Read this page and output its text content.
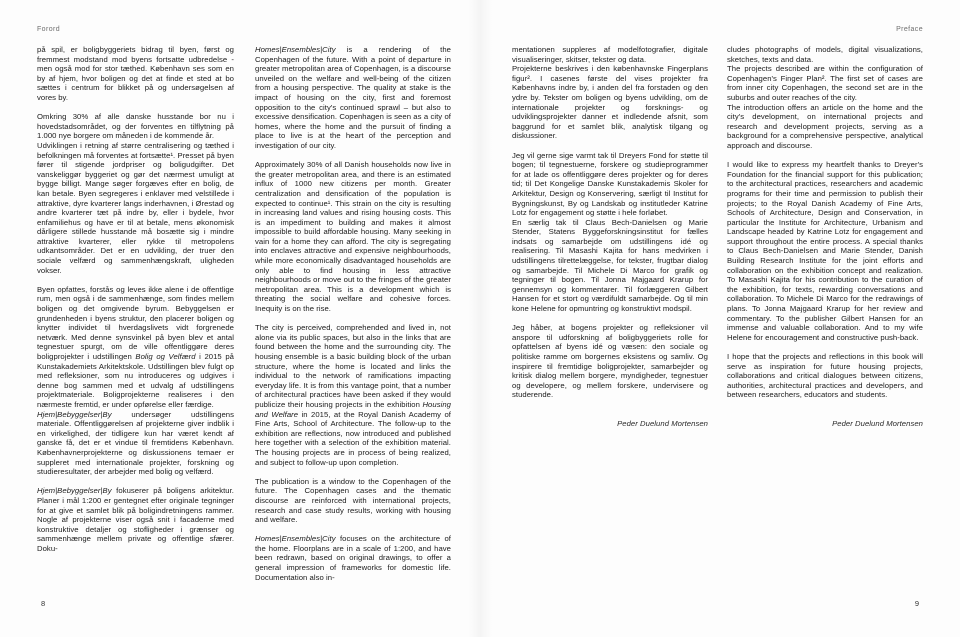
Forord

på spil, er boligbyggeriets bidrag til byen, først og fremmest modstand mod byens fortsatte udbredelse - men også mod for stor tæthed. København ses som en by af hjem, hvor boligen og det at finde et sted at bo sættes i centrum for blikket på og undersøgelsen af vores by.

Omkring 30% af alle danske husstande bor nu i hovedstadsområdet, og der forventes en tilflytning på 1.000 nye borgere om måneden i de kommende år.

Udviklingen i retning af større centralisering og tæthed i befolkningen må forventes at fortsætte¹. Presset på byen fører til stigende jordpriser og boligudgifter. Det vanskeliggør byggeriet og gør det nærmest umuligt at bygge billigt. Mange søger forgæves efter en bolig, de kan betale. Byen segregeres i enklaver med velstillede i attraktive, dyre kvarterer langs inderhavnen, i Ørestad og andre kvarterer tæt på indre by, eller i bydele, hvor enfamiliehus og have er til at betale, mens økonomisk dårligere stillede husstande må bosætte sig i mindre attraktive kvarterer, eller rykke til metropolens udkantsområder. Det er en udvikling, der truer den sociale velfærd og sammenhængskraft, uligheden vokser.

Byen opfattes, forstås og leves ikke alene i de offentlige rum, men også i de sammenhænge, som findes mellem boligen og det omgivende byrum. Bebyggelsen er grundenheden i byens struktur, den placerer boligen og knytter individet til hverdagslivets vidt forgrenede netværk. Med denne synsvinkel på byen blev et antal tegnestuer spurgt, om de ville offentliggøre deres boligprojekter i udstillingen Bolig og Velfærd i 2015 på Kunstakademiets Arkitektskole. Udstillingen blev fulgt op med refleksioner, som nu introduceres og udgives i denne bog sammen med et udvalg af udstillingens projektmateriale. Boligprojekterne realiseres i den nærmeste fremtid, er under opførelse eller færdige.

Hjem|Bebyggelser|By undersøger udstillingens materiale. Offentliggørelsen af projekterne giver indblik i en virkelighed, der tidligere kun har været kendt af ganske få, det er et vindue til fremtidens København. Københavnerprojekterne og diskussionens temaer er suppleret med internationale projekter, forskning og studieresultater, der arbejder med bolig og velfærd.

Hjem|Bebyggelser|By fokuserer på boligens arkitektur. Planer i mål 1:200 er gentegnet efter originale tegninger for at give et samlet blik på boligindretningens rammer. Nogle af projekterne viser også snit i facaderne med konstruktive detaljer og stofligheder i grænser og sammenhænge mellem private og offentlige sfærer. Doku-

Homes|Ensembles|City is a rendering of the Copenhagen of the future. With a point of departure in greater metropolitan area of Copenhagen, is a discourse unveiled on the welfare and well-being of the citizen from a housing perspective. The quality at stake is the impact of housing on the city, first and foremost opposition to the city's continued sprawl – but also to excessive densification. Copenhagen is seen as a city of homes, where the home and the pursuit of finding a place to live is at the heart of the perception and investigation of our city.

Approximately 30% of all Danish households now live in the greater metropolitan area, and there is an estimated influx of 1000 new citizens per month. Greater centralization and densification of the population is expected to continue¹. This strain on the city is resulting in increasing land values and rising housing costs. This is an impediment to building and makes it almost impossible to build affordable housing. Many seeking in vain for a home they can afford. The city is segregating into enclaves attractive and expensive neighbourhoods, while more economically disadvantaged households are only able to find housing in less attractive neighbourhoods or move out to the fringes of the greater metropolitan area. This is a development which is threating the social welfare and cohesive forces. Inequity is on the rise.

The city is perceived, comprehended and lived in, not alone via its public spaces, but also in the links that are found between the home and the surrounding city. The housing ensemble is a basic building block of the urban structure, where the home is located and links the individual to the network of ramifications impacting everyday life. It is from this vantage point, that a number of architectural practices have been asked if they would publicize their housing projects in the exhibition Housing and Welfare in 2015, at the Royal Danish Academy of Fine Arts, School of Architecture. The follow-up to the exhibition are reflections, now introduced and published here together with a selection of the exhibition material. The housing projects are in process of being realized, and subject to follow-up upon completion.

The publication is a window to the Copenhagen of the future. The Copenhagen cases and the thematic discourse are reinforced with international projects, research and case study results, working with housing and welfare.

Homes|Ensembles|City focuses on the architecture of the home. Floorplans are in a scale of 1:200, and have been redrawn, based on original drawings, to offer a general impression of frameworks for domestic life. Documentation also in-

8
Preface

mentationen suppleres af modelfotografier, digitale visualiseringer, skitser, tekster og data.

Projekterne beskrives i den københavnske Fingerplans figur². I casenes første del vises projekter fra Københavns indre by, i anden del fra forstaden og den ydre by. Tekster om boligen og byens udvikling, om de internationale projekter og forsknings- og udviklingsprojekter danner et indledende afsnit, som baggrund for et samlet blik, analytisk tilgang og diskussioner.

Jeg vil gerne sige varmt tak til Dreyers Fond for støtte til bogen; til tegnestuerne, forskere og studieprogrammer for at lade os offentliggøre deres projekter og for deres tid; til Det Kongelige Danske Kunstakademis Skoler for Arkitektur, Design og Konservering, særligt til Institut for Bygningskunst, By og Landskab og institutleder Katrine Lotz for engagement og støtte i hele forløbet.

En særlig tak til Claus Bech-Danielsen og Marie Stender, Statens Byggeforskningsinstitut for fælles indsats og samarbejde om udstillingens idé og realisering. Til Masashi Kajita for hans medvirken i udstillingens tilrettelæggelse, for tekster, frugtbar dialog og samarbejde. Til Michele Di Marco for grafik og tegninger til bogen. Til Jonna Majgaard Krarup for gennemsyn og kommentarer. Til forlæggeren Gilbert Hansen for et stort og værdifuldt samarbejde. Og til min kone Helene for opmuntring og konstruktivt modspil.

Jeg håber, at bogens projekter og refleksioner vil anspore til udforskning af boligbyggeriets rolle for opfattelsen af byens idé og væsen: den sociale og politiske ramme om borgernes eksistens og samliv. Og inspirere til fremtidige boligprojekter, samarbejder og kritisk dialog mellem borgere, myndigheder, tegnestuer og developere, og mellem forskere, undervisere og studerende.

Peder Duelund Mortensen

cludes photographs of models, digital visualizations, sketches, texts and data.

The projects described are within the configuration of Copenhagen's Finger Plan². The first set of cases are from inner city Copenhagen, the second set are in the suburbs and outer reaches of the city.

The introduction offers an article on the home and the city's development, on international projects and research and development projects, serving as a background for a comprehensive perspective, analytical approach and discourse.

I would like to express my heartfelt thanks to Dreyer's Foundation for the financial support for this publication; to the architectural practices, researchers and academic programs for their time and permission to publish their projects; to the Royal Danish Academy of Fine Arts, Schools of Architecture, Design and Conservation, in particular the Institute for Architecture, Urbanism and Landscape headed by Katrine Lotz for engagement and support throughout the entire process. A special thanks to Claus Bech-Danielsen and Marie Stender, Danish Building Research Institute for the joint efforts and collaboration on the exhibition concept and realization. To Masashi Kajita for his contribution to the curation of the exhibition, for texts, rewarding conversations and collaboration. To Michele Di Marco for the redrawings of plans. To Jonna Majgaard Krarup for her review and commentary. To the publisher Gilbert Hansen for an immense and valuable collaboration. And to my wife Helene for encouragement and constructive push-back.

I hope that the projects and reflections in this book will serve as inspiration for future housing projects, collaborations and critical dialogues between citizens, authorities, architectural practices and developers, and between researchers, educators and students.

Peder Duelund Mortensen

9
